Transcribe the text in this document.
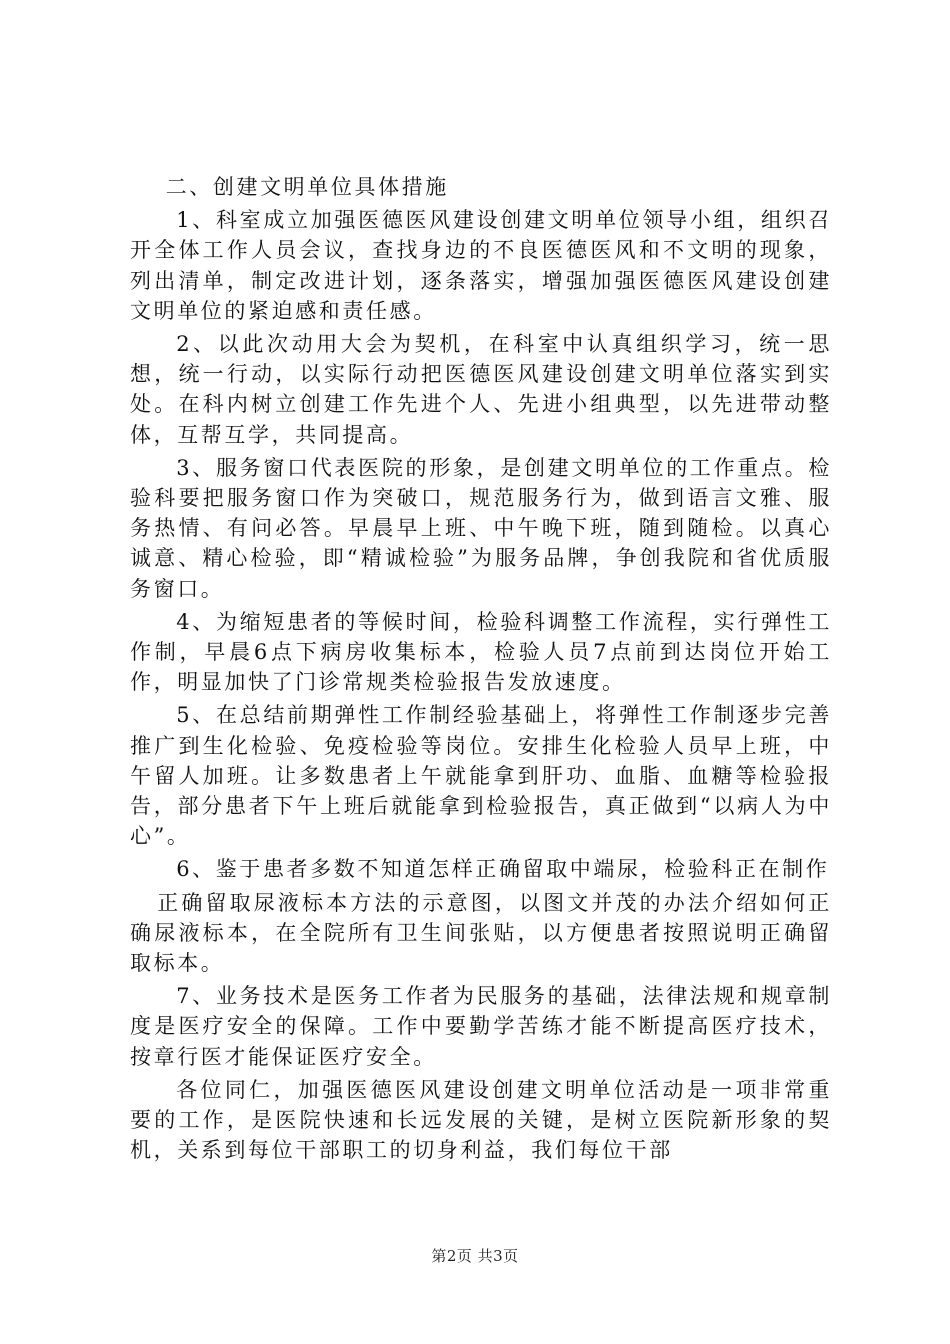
二、创建文明单位具体措施

1、科室成立加强医德医风建设创建文明单位领导小组，组织召开全体工作人员会议，查找身边的不良医德医风和不文明的现象，列出清单，制定改进计划，逐条落实，增强加强医德医风建设创建文明单位的紧迫感和责任感。

2、以此次动用大会为契机，在科室中认真组织学习，统一思想，统一行动，以实际行动把医德医风建设创建文明单位落实到实处。在科内树立创建工作先进个人、先进小组典型，以先进带动整体，互帮互学，共同提高。

3、服务窗口代表医院的形象，是创建文明单位的工作重点。检验科要把服务窗口作为突破口，规范服务行为，做到语言文雅、服务热情、有问必答。早晨早上班、中午晚下班，随到随检。以真心诚意、精心检验，即“精诚检验”为服务品牌，争创我院和省优质服务窗口。

4、为缩短患者的等候时间，检验科调整工作流程，实行弹性工作制，早晨6点下病房收集标本，检验人员7点前到达岗位开始工作，明显加快了门诊常规类检验报告发放速度。

5、在总结前期弹性工作制经验基础上，将弹性工作制逐步完善推广到生化检验、免疫检验等岗位。安排生化检验人员早上班，中午留人加班。让多数患者上午就能拿到肝功、血脂、血糖等检验报告，部分患者下午上班后就能拿到检验报告，真正做到“以病人为中心”。

6、鉴于患者多数不知道怎样正确留取中端尿，检验科正在制作

正确留取尿液标本方法的示意图，以图文并茂的办法介绍如何正确尿液标本，在全院所有卫生间张贴，以方便患者按照说明正确留取标本。

7、业务技术是医务工作者为民服务的基础，法律法规和规章制度是医疗安全的保障。工作中要勤学苦练才能不断提高医疗技术，按章行医才能保证医疗安全。

各位同仁，加强医德医风建设创建文明单位活动是一项非常重要的工作，是医院快速和长远发展的关键，是树立医院新形象的契机，关系到每位干部职工的切身利益，我们每位干部

第2页 共3页
